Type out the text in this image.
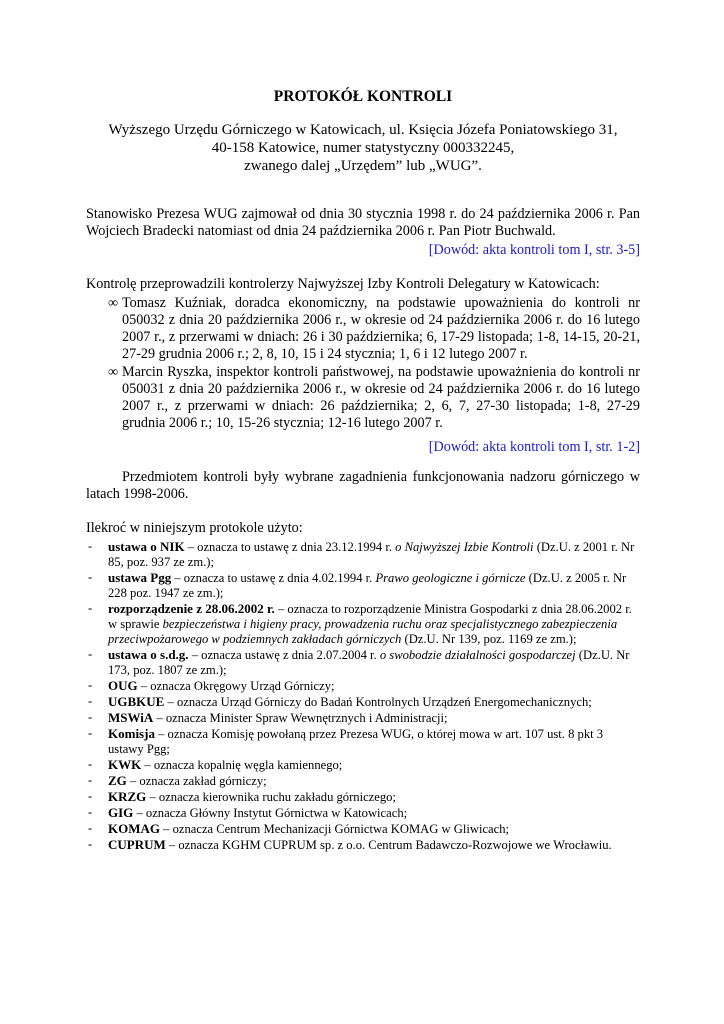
PROTOKÓŁ KONTROLI
Wyższego Urzędu Górniczego w Katowicach, ul. Księcia Józefa Poniatowskiego 31,
40-158 Katowice, numer statystyczny 000332245,
zwanego dalej „Urzędem” lub „WUG”.
Stanowisko Prezesa WUG zajmował od dnia 30 stycznia 1998 r. do 24 października 2006 r. Pan Wojciech Bradecki natomiast od dnia 24 października 2006 r. Pan Piotr Buchwald.
[Dowód: akta kontroli tom I, str. 3-5]
Kontrolę przeprowadzili kontrolerzy Najwyższej Izby Kontroli Delegatury w Katowicach:
∞ Tomasz Kuźniak, doradca ekonomiczny, na podstawie upoważnienia do kontroli nr 050032 z dnia 20 października 2006 r., w okresie od 24 października 2006 r. do 16 lutego 2007 r., z przerwami w dniach: 26 i 30 października; 6, 17-29 listopada; 1-8, 14-15, 20-21, 27-29 grudnia 2006 r.; 2, 8, 10, 15 i 24 stycznia; 1, 6 i 12 lutego 2007 r.
∞ Marcin Ryszka, inspektor kontroli państwowej, na podstawie upoważnienia do kontroli nr 050031 z dnia 20 października 2006 r., w okresie od 24 października 2006 r. do 16 lutego 2007 r., z przerwami w dniach: 26 października; 2, 6, 7, 27-30 listopada; 1-8, 27-29 grudnia 2006 r.; 10, 15-26 stycznia; 12-16 lutego 2007 r.
[Dowód: akta kontroli tom I, str. 1-2]
Przedmiotem kontroli były wybrane zagadnienia funkcjonowania nadzoru górniczego w latach 1998-2006.
Ilekroć w niniejszym protokole użyto:
- ustawa o NIK – oznacza to ustawę z dnia 23.12.1994 r. o Najwyższej Izbie Kontroli (Dz.U. z 2001 r. Nr 85, poz. 937 ze zm.);
- ustawa Pgg – oznacza to ustawę z dnia 4.02.1994 r. Prawo geologiczne i górnicze (Dz.U. z 2005 r. Nr 228 poz. 1947 ze zm.);
- rozporządzenie z 28.06.2002 r. – oznacza to rozporządzenie Ministra Gospodarki z dnia 28.06.2002 r. w sprawie bezpieczeństwa i higieny pracy, prowadzenia ruchu oraz specjalistycznego zabezpieczenia przeciwpożarowego w podziemnych zakładach górniczych (Dz.U. Nr 139, poz. 1169 ze zm.);
- ustawa o s.d.g. – oznacza ustawę z dnia 2.07.2004 r. o swobodzie działalności gospodarczej (Dz.U. Nr 173, poz. 1807 ze zm.);
- OUG – oznacza Okręgowy Urząd Górniczy;
- UGBKUE – oznacza Urząd Górniczy do Badań Kontrolnych Urządzeń Energomechanicznych;
- MSWiA – oznacza Minister Spraw Wewnętrznych i Administracji;
- Komisja – oznacza Komisję powołaną przez Prezesa WUG, o której mowa w art. 107 ust. 8 pkt 3 ustawy Pgg;
- KWK – oznacza kopalnię węgla kamiennego;
- ZG – oznacza zakład górniczy;
- KRZG – oznacza kierownika ruchu zakładu górniczego;
- GIG – oznacza Główny Instytut Górnictwa w Katowicach;
- KOMAG – oznacza Centrum Mechanizacji Górnictwa KOMAG w Gliwicach;
- CUPRUM – oznacza KGHM CUPRUM sp. z o.o. Centrum Badawczo-Rozwojowe we Wrocławiu.
